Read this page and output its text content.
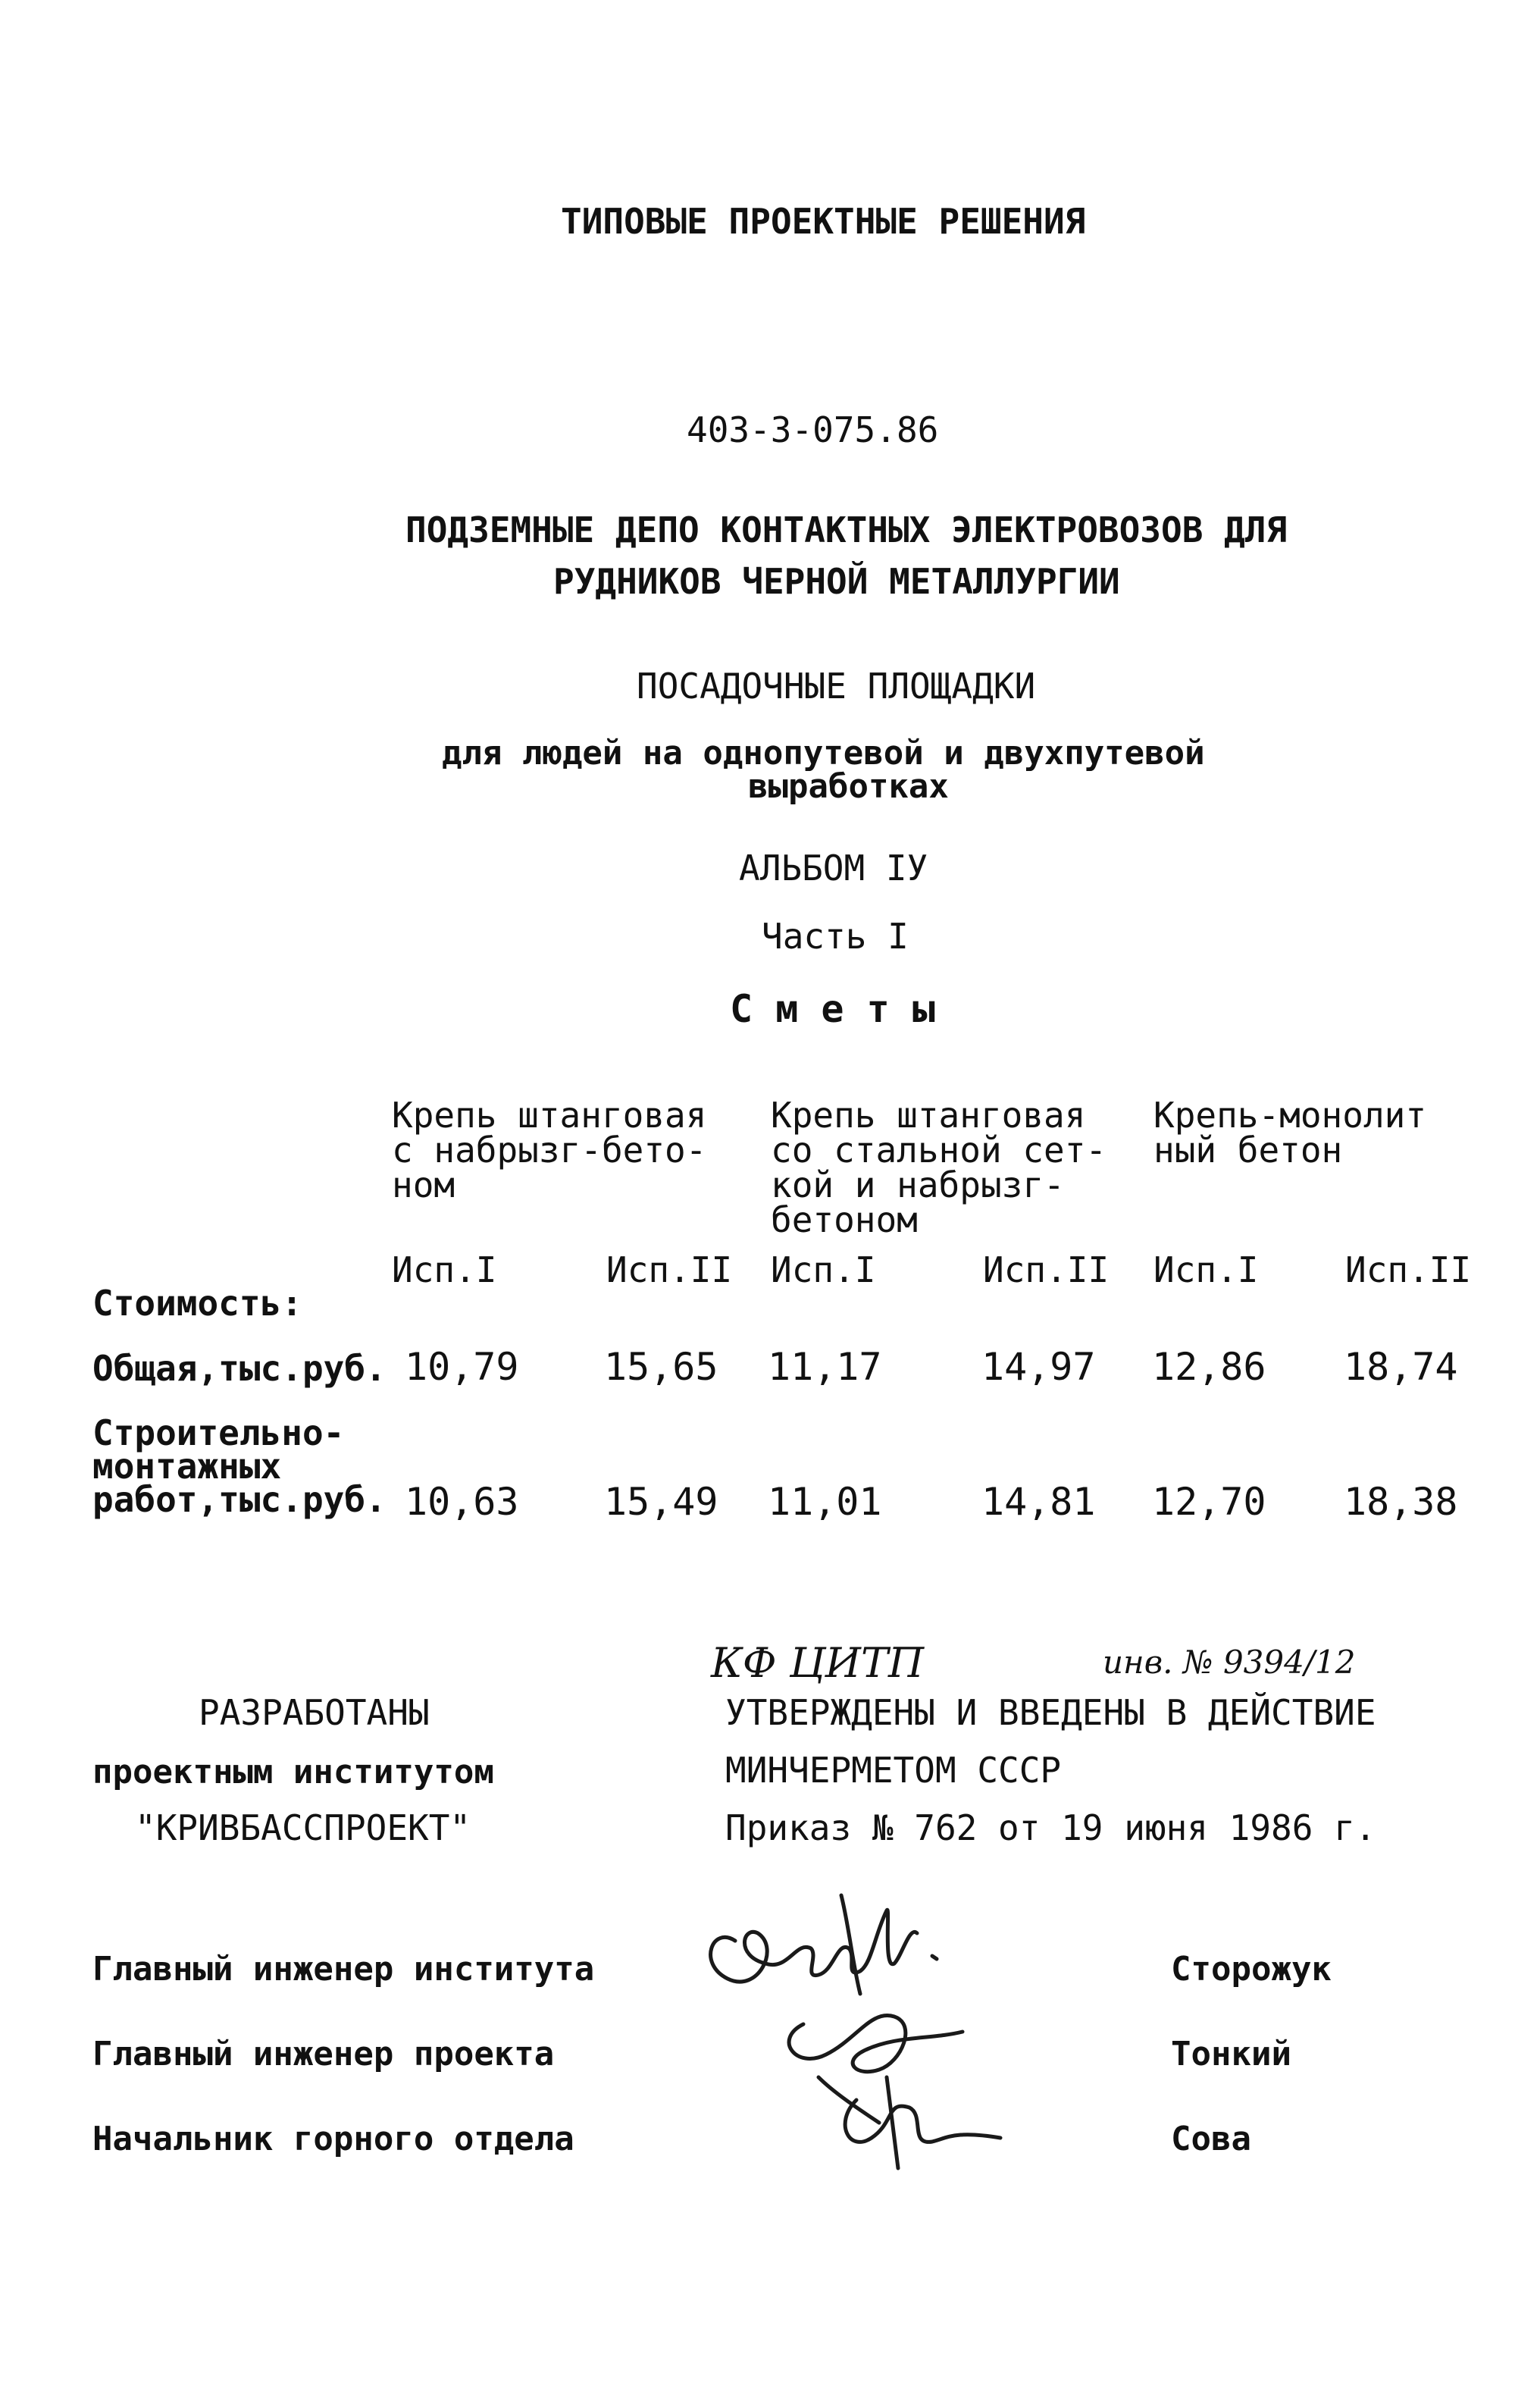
ТИПОВЫЕ ПРОЕКТНЫЕ РЕШЕНИЯ
403-3-075.86
ПОДЗЕМНЫЕ ДЕПО КОНТАКТНЫХ ЭЛЕКТРОВОЗОВ ДЛЯ
РУДНИКОВ ЧЕРНОЙ МЕТАЛЛУРГИИ
ПОСАДОЧНЫЕ ПЛОЩАДКИ
для людей на однопутевой и двухпутевой
выработках
АЛЬБОМ IУ
Часть I
С м е т ы
Крепь штанговая
с набрызг-бето-
ном
Крепь штанговая
со стальной сет-
кой и набрызг-
бетоном
Крепь-монолит
ный бетон
Исп.I	Исп.II Исп.I	Исп.II Исп.I Исп.II
Стоимость:
Общая,тыс.руб. 10,79 15,65 11,17	14,97 12,86 18,74
Строительно-
монтажных
работ,тыс.руб. 10,63 15,49 11,01	14,81 12,70 18,38
КФ ЦИТП	инв. № 9394/12
РАЗРАБОТАНЫ
проектным институтом
"КРИВБАССПРОЕКТ"
УТВЕРЖДЕНЫ И ВВЕДЕНЫ В ДЕЙСТВИЕ
МИНЧЕРМЕТОМ СССР
Приказ № 762 от 19 июня 1986 г.
Главный инженер института	Сторожук
Главный инженер проекта	Тонкий
Начальник горного отдела	Сова
